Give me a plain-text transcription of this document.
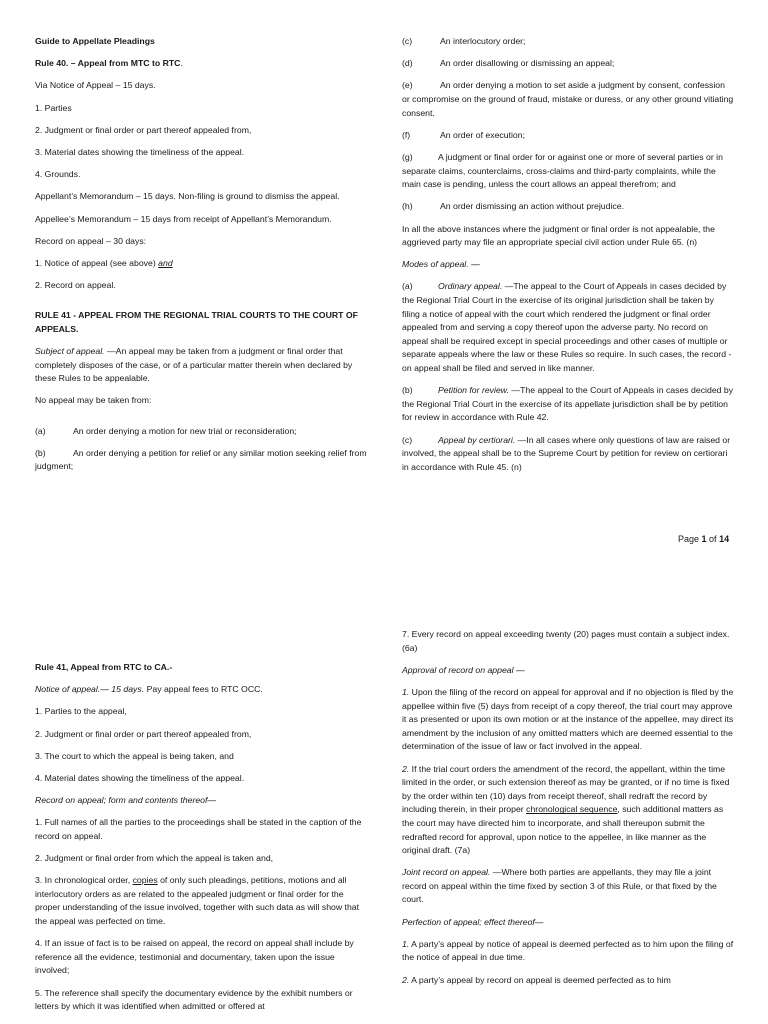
Guide to Appellate Pleadings

Rule 40. – Appeal from MTC to RTC.

Via Notice of Appeal – 15 days.

1. Parties

2. Judgment or final order or part thereof appealed from,

3. Material dates showing the timeliness of the appeal.

4. Grounds.

Appellant’s Memorandum – 15 days. Non-filing is ground to dismiss the appeal.

Appellee’s Memorandum – 15 days from receipt of Appellant’s Memorandum.

Record on appeal – 30 days:

1. Notice of appeal (see above) and

2. Record on appeal.

RULE 41 - APPEAL FROM THE REGIONAL TRIAL COURTS TO THE COURT OF APPEALS.

Subject of appeal. —An appeal may be taken from a judgment or final order that completely disposes of the case, or of a particular matter therein when declared by these Rules to be appealable.

No appeal may be taken from:

(a)	An order denying a motion for new trial or reconsideration;

(b)	An order denying a petition for relief or any similar motion seeking relief from judgment;

(c)	An interlocutory order;

(d)	An order disallowing or dismissing an appeal;

(e)	An order denying a motion to set aside a judgment by consent, confession or compromise on the ground of fraud, mistake or duress, or any other ground vitiating consent.

(f)	An order of execution;

(g)	A judgment or final order for or against one or more of several parties or in separate claims, counterclaims, cross-claims and third-party complaints, while the main case is pending, unless the court allows an appeal therefrom; and

(h)	An order dismissing an action without prejudice.

In all the above instances where the judgment or final order is not appealable, the aggrieved party may file an appropriate special civil action under Rule 65. (n)

Modes of appeal. —

(a)	Ordinary appeal. —The appeal to the Court of Appeals in cases decided by the Regional Trial Court in the exercise of its original jurisdiction shall be taken by filing a notice of appeal with the court which rendered the judgment or final order appealed from and serving a copy thereof upon the adverse party. No record on appeal shall be required except in special proceedings and other cases of multiple or separate appeals where the law or these Rules so require. In such cases, the record -on appeal shall be filed and served in like manner.

(b)	Petition for review. —The appeal to the Court of Appeals in cases decided by the Regional Trial Court in the exercise of its appellate jurisdiction shall be by petition for review in accordance with Rule 42.

(c)	Appeal by certiorari. —In all cases where only questions of law are raised or involved, the appeal shall be to the Supreme Court by petition for review on certiorari in accordance with Rule 45. (n)

Page 1 of 14

Rule 41, Appeal from RTC to CA.-

Notice of appeal.— 15 days. Pay appeal fees to RTC OCC.

1. Parties to the appeal,

2. Judgment or final order or part thereof appealed from,

3. The court to which the appeal is being taken, and

4. Material dates showing the timeliness of the appeal.

Record on appeal; form and contents thereof—

1. Full names of all the parties to the proceedings shall be stated in the caption of the record on appeal.

2. Judgment or final order from which the appeal is taken and,

3. In chronological order, copies of only such pleadings, petitions, motions and all interlocutory orders as are related to the appealed judgment or final order for the proper understanding of the issue involved, together with such data as will show that the appeal was perfected on time.

4. If an issue of fact is to be raised on appeal, the record on appeal shall include by reference all the evidence, testimonial and documentary, taken upon the issue involved;

5. The reference shall specify the documentary evidence by the exhibit numbers or letters by which it was identified when admitted or offered at

7. Every record on appeal exceeding twenty (20) pages must contain a subject index. (6a)

Approval of record on appeal —

1. Upon the filing of the record on appeal for approval and if no objection is filed by the appellee within five (5) days from receipt of a copy thereof, the trial court may approve it as presented or upon its own motion or at the instance of the appellee, may direct its amendment by the inclusion of any omitted matters which are deemed essential to the determination of the issue of law or fact involved in the appeal.

2. If the trial court orders the amendment of the record, the appellant, within the time limited in the order, or such extension thereof as may be granted, or if no time is fixed by the order within ten (10) days from receipt thereof, shall redraft the record by including therein, in their proper chronological sequence, such additional matters as the court may have directed him to incorporate, and shall thereupon submit the redrafted record for approval, upon notice to the appellee, in like manner as the original draft. (7a)

Joint record on appeal. —Where both parties are appellants, they may file a joint record on appeal within the time fixed by section 3 of this Rule, or that fixed by the court.

Perfection of appeal; effect thereof—

1. A party’s appeal by notice of appeal is deemed perfected as to him upon the filing of the notice of appeal in due time.

2. A party’s appeal by record on appeal is deemed perfected as to him
